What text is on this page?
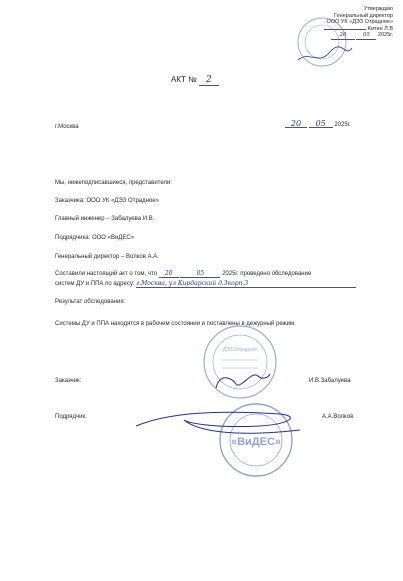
Утверждаю
Генеральный директор
ООО УК «ДЭЗ Отрадное»
Китин Л.В
20	05 2025г.
АКТ № 2
г.Москва	20 05 2025г.
Мы, нижеподписавшиеся, представители:
Заказчика: ООО УК «ДЭЗ Отрадное»
Главный инженер – Забалуева И.В.
Подрядчика: ООО «ВиДЕС»
Генеральный директор – Волков А.А.
Составили настоящий акт о том, что 20	05	2025г. проведено обследование
систем ДУ и ППА по адресу: г.Москва, ул Кирдарский д.3корп.3
Результат обследования:
Системы ДУ и ППА находятся в рабочем состоянии и поставлены в дежурный режим.
Заказчик:	И.В.Забалуева
Подрядчик:	А.А.Волков
ДЭЗ Отрадное
«ВиДЕС»
